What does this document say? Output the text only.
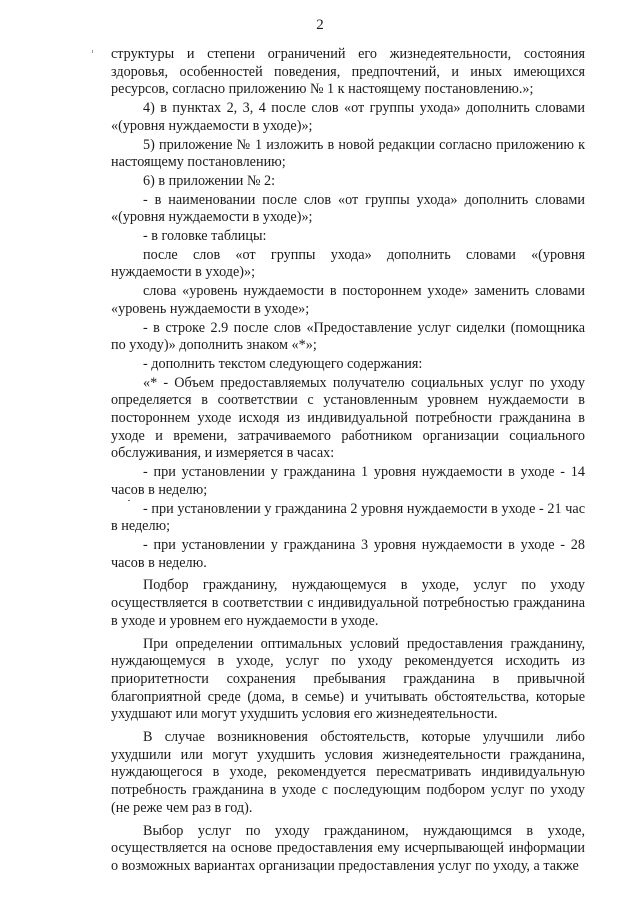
2

структуры и степени ограничений его жизнедеятельности, состояния здоровья, особенностей поведения, предпочтений, и иных имеющихся ресурсов, согласно приложению № 1 к настоящему постановлению.»;

4) в пунктах 2, 3, 4 после слов «от группы ухода» дополнить словами «(уровня нуждаемости в уходе)»;

5) приложение № 1 изложить в новой редакции согласно приложению к настоящему постановлению;

6) в приложении № 2:

- в наименовании после слов «от группы ухода» дополнить словами «(уровня нуждаемости в уходе)»;

- в головке таблицы:

после слов «от группы ухода» дополнить словами «(уровня нуждаемости в уходе)»;

слова «уровень нуждаемости в постороннем уходе» заменить словами «уровень нуждаемости в уходе»;

- в строке 2.9 после слов «Предоставление услуг сиделки (помощника по уходу)» дополнить знаком «*»;

- дополнить текстом следующего содержания:

«* - Объем предоставляемых получателю социальных услуг по уходу определяется в соответствии с установленным уровнем нуждаемости в постороннем уходе исходя из индивидуальной потребности гражданина в уходе и времени, затрачиваемого работником организации социального обслуживания, и измеряется в часах:

- при установлении у гражданина 1 уровня нуждаемости в уходе - 14 часов в неделю;

- при установлении у гражданина 2 уровня нуждаемости в уходе - 21 час в неделю;

- при установлении у гражданина 3 уровня нуждаемости в уходе - 28 часов в неделю.

Подбор гражданину, нуждающемуся в уходе, услуг по уходу осуществляется в соответствии с индивидуальной потребностью гражданина в уходе и уровнем его нуждаемости в уходе.

При определении оптимальных условий предоставления гражданину, нуждающемуся в уходе, услуг по уходу рекомендуется исходить из приоритетности сохранения пребывания гражданина в привычной благоприятной среде (дома, в семье) и учитывать обстоятельства, которые ухудшают или могут ухудшить условия его жизнедеятельности.

В случае возникновения обстоятельств, которые улучшили либо ухудшили или могут ухудшить условия жизнедеятельности гражданина, нуждающегося в уходе, рекомендуется пересматривать индивидуальную потребность гражданина в уходе с последующим подбором услуг по уходу (не реже чем раз в год).

Выбор услуг по уходу гражданином, нуждающимся в уходе, осуществляется на основе предоставления ему исчерпывающей информации о возможных вариантах организации предоставления услуг по уходу, а также
